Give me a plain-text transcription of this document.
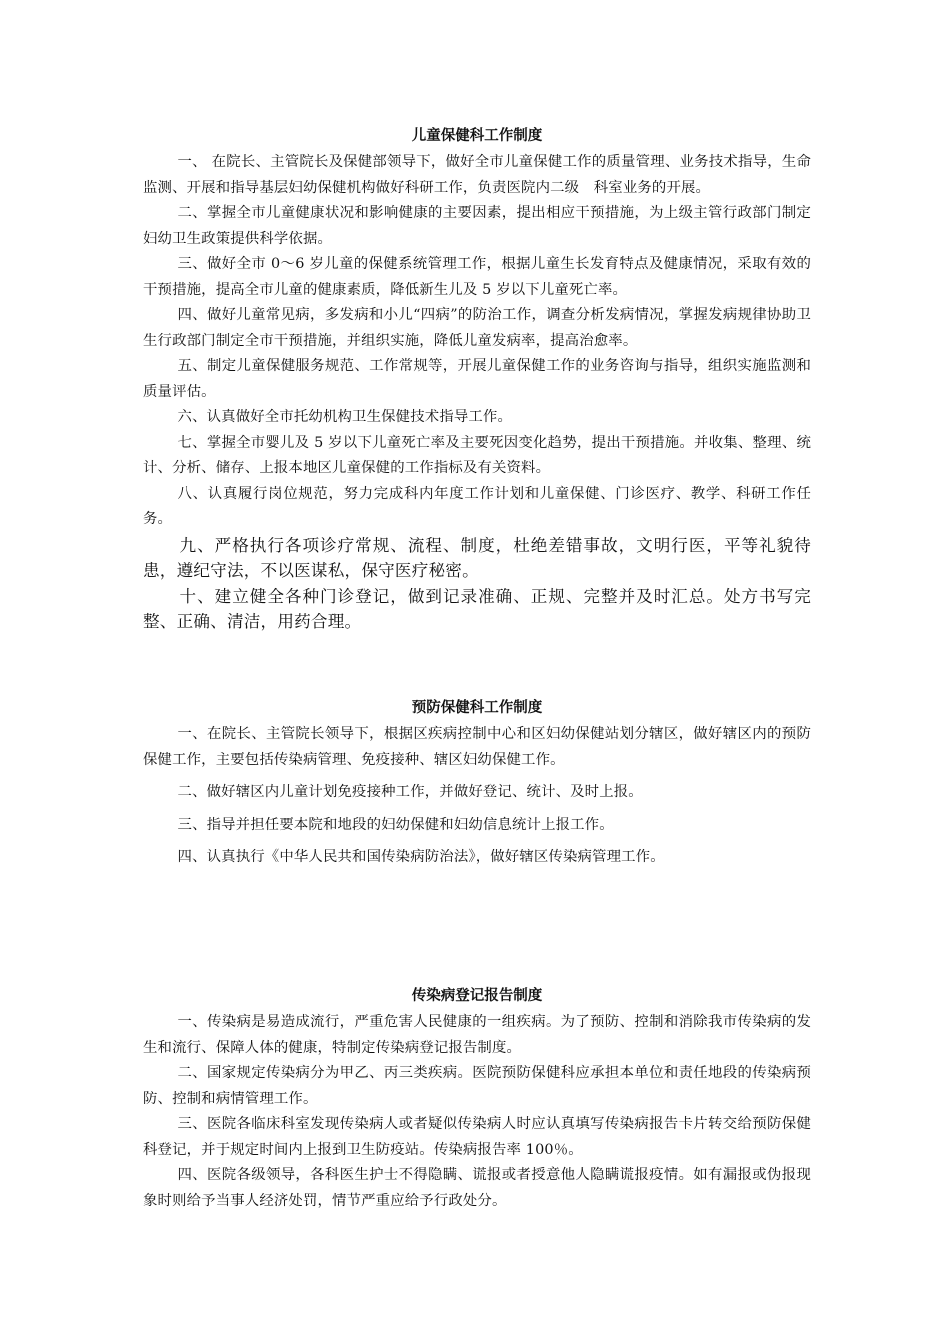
儿童保健科工作制度

一、 在院长、主管院长及保健部领导下，做好全市儿童保健工作的质量管理、业务技术指导，生命监测、开展和指导基层妇幼保健机构做好科研工作，负责医院内二级　科室业务的开展。

二、掌握全市儿童健康状况和影响健康的主要因素，提出相应干预措施，为上级主管行政部门制定妇幼卫生政策提供科学依据。

三、做好全市 0～6 岁儿童的保健系统管理工作，根据儿童生长发育特点及健康情况，采取有效的干预措施，提高全市儿童的健康素质，降低新生儿及 5 岁以下儿童死亡率。

四、做好儿童常见病，多发病和小儿“四病”的防治工作，调查分析发病情况，掌握发病规律协助卫生行政部门制定全市干预措施，并组织实施，降低儿童发病率，提高治愈率。

五、制定儿童保健服务规范、工作常规等，开展儿童保健工作的业务咨询与指导，组织实施监测和质量评估。

六、认真做好全市托幼机构卫生保健技术指导工作。

七、掌握全市婴儿及 5 岁以下儿童死亡率及主要死因变化趋势，提出干预措施。并收集、整理、统计、分析、储存、上报本地区儿童保健的工作指标及有关资料。

八、认真履行岗位规范，努力完成科内年度工作计划和儿童保健、门诊医疗、教学、科研工作任务。

九、严格执行各项诊疗常规、流程、制度，杜绝差错事故，文明行医，平等礼貌待患，遵纪守法，不以医谋私，保守医疗秘密。

十、建立健全各种门诊登记，做到记录准确、正规、完整并及时汇总。处方书写完整、正确、清洁，用药合理。

预防保健科工作制度

一、在院长、主管院长领导下，根据区疾病控制中心和区妇幼保健站划分辖区，做好辖区内的预防保健工作，主要包括传染病管理、免疫接种、辖区妇幼保健工作。

二、做好辖区内儿童计划免疫接种工作，并做好登记、统计、及时上报。

三、指导并担任要本院和地段的妇幼保健和妇幼信息统计上报工作。

四、认真执行《中华人民共和国传染病防治法》，做好辖区传染病管理工作。

传染病登记报告制度

一、传染病是易造成流行，严重危害人民健康的一组疾病。为了预防、控制和消除我市传染病的发生和流行、保障人体的健康，特制定传染病登记报告制度。

二、国家规定传染病分为甲乙、丙三类疾病。医院预防保健科应承担本单位和责任地段的传染病预防、控制和病情管理工作。

三、医院各临床科室发现传染病人或者疑似传染病人时应认真填写传染病报告卡片转交给预防保健科登记，并于规定时间内上报到卫生防疫站。传染病报告率 100％。

四、医院各级领导，各科医生护士不得隐瞒、谎报或者授意他人隐瞒谎报疫情。如有漏报或伪报现象时则给予当事人经济处罚，情节严重应给予行政处分。
